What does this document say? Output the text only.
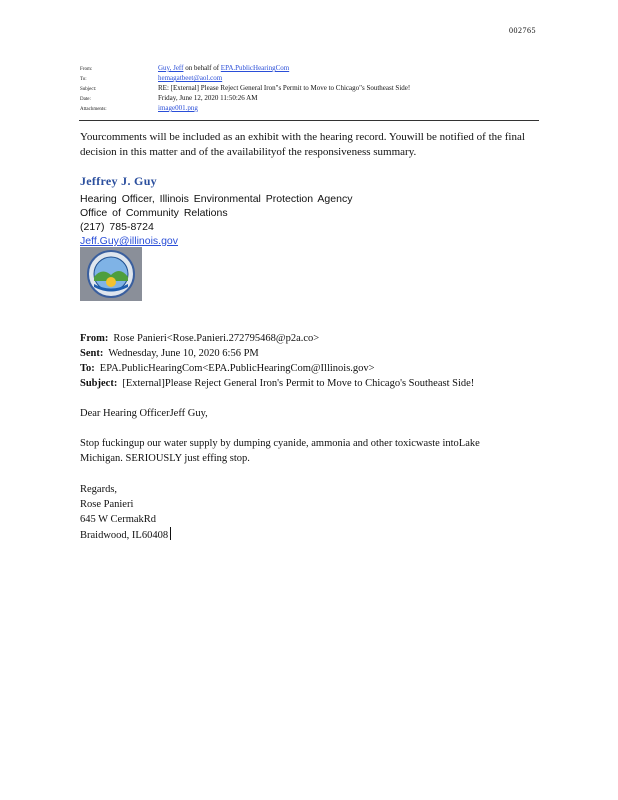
002765
From:	Guy, Jeff on behalf of EPA.PublicHearingCom
To:	hemagatbeet@aol.com
Subject:	RE: [External] Please Reject General Iron"s Permit to Move to Chicago"s Southeast Side!
Date:	Friday, June 12, 2020 11:50:26 AM
Attachments:	image001.png
Yourcomments will be included as an exhibit with the hearing record. Youwill be notified of the final decision in this matter and of the availabilityof the responsiveness summary.
Jeffrey J. Guy
Hearing Officer, Illinois Environmental Protection Agency
Office of Community Relations
(217) 785-8724
Jeff.Guy@illinois.gov
From: Rose Panieri<Rose.Panieri.272795468@p2a.co>
Sent: Wednesday, June 10, 2020 6:56 PM
To: EPA.PublicHearingCom<EPA.PublicHearingCom@Illinois.gov>
Subject: [External]Please Reject General Iron's Permit to Move to Chicago's Southeast Side!
Dear Hearing OfficerJeff Guy,
Stop fuckingup our water supply by dumping cyanide, ammonia and other toxicwaste intoLake
Michigan. SERIOUSLY just effing stop.
Regards,
Rose Panieri
645 W CermakRd
Braidwood, IL60408
